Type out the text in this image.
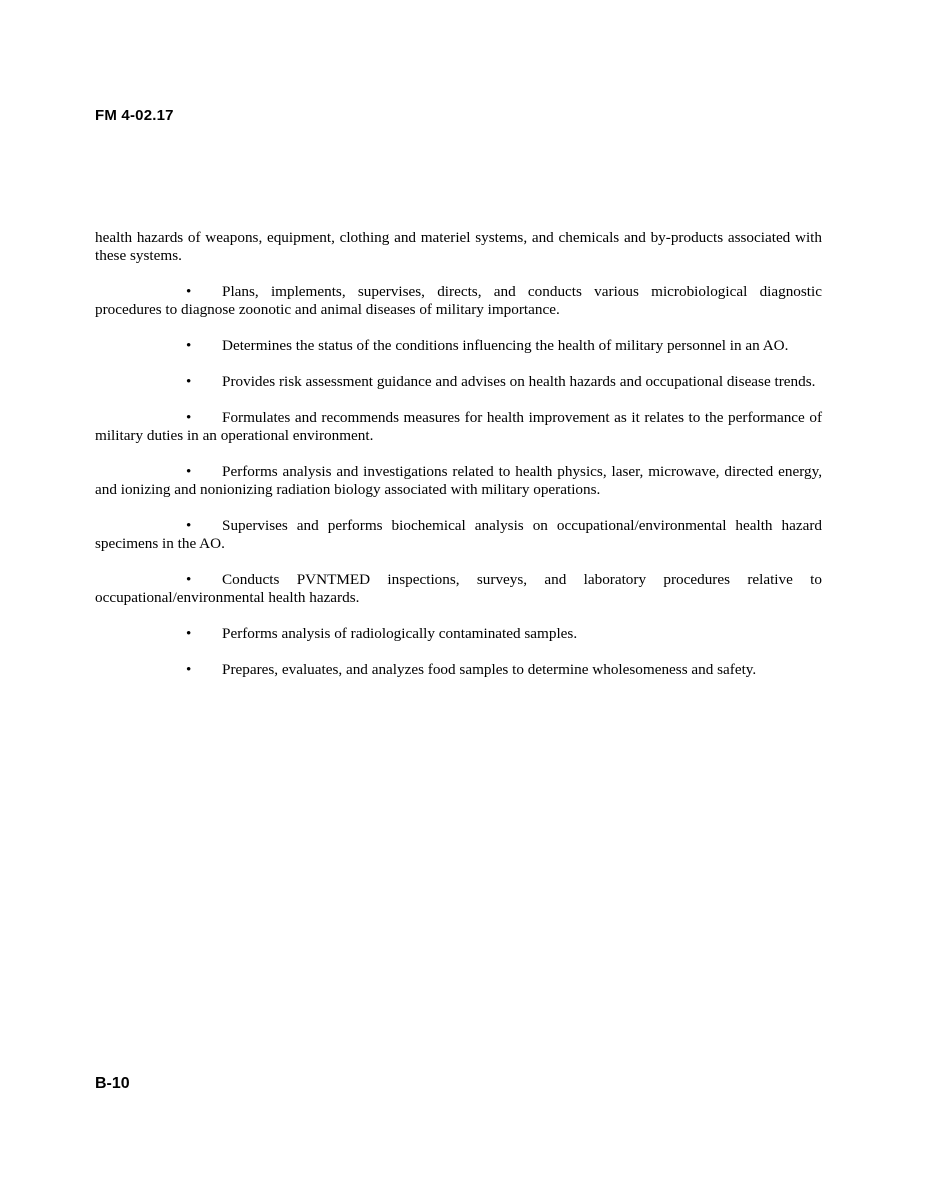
FM 4-02.17

health hazards of weapons, equipment, clothing and materiel systems, and chemicals and by-products associated with these systems.

• Plans, implements, supervises, directs, and conducts various microbiological diagnostic procedures to diagnose zoonotic and animal diseases of military importance.

• Determines the status of the conditions influencing the health of military personnel in an AO.

• Provides risk assessment guidance and advises on health hazards and occupational disease trends.

• Formulates and recommends measures for health improvement as it relates to the performance of military duties in an operational environment.

• Performs analysis and investigations related to health physics, laser, microwave, directed energy, and ionizing and nonionizing radiation biology associated with military operations.

• Supervises and performs biochemical analysis on occupational/environmental health hazard specimens in the AO.

• Conducts PVNTMED inspections, surveys, and laboratory procedures relative to occupational/environmental health hazards.

• Performs analysis of radiologically contaminated samples.

• Prepares, evaluates, and analyzes food samples to determine wholesomeness and safety.

B-10
